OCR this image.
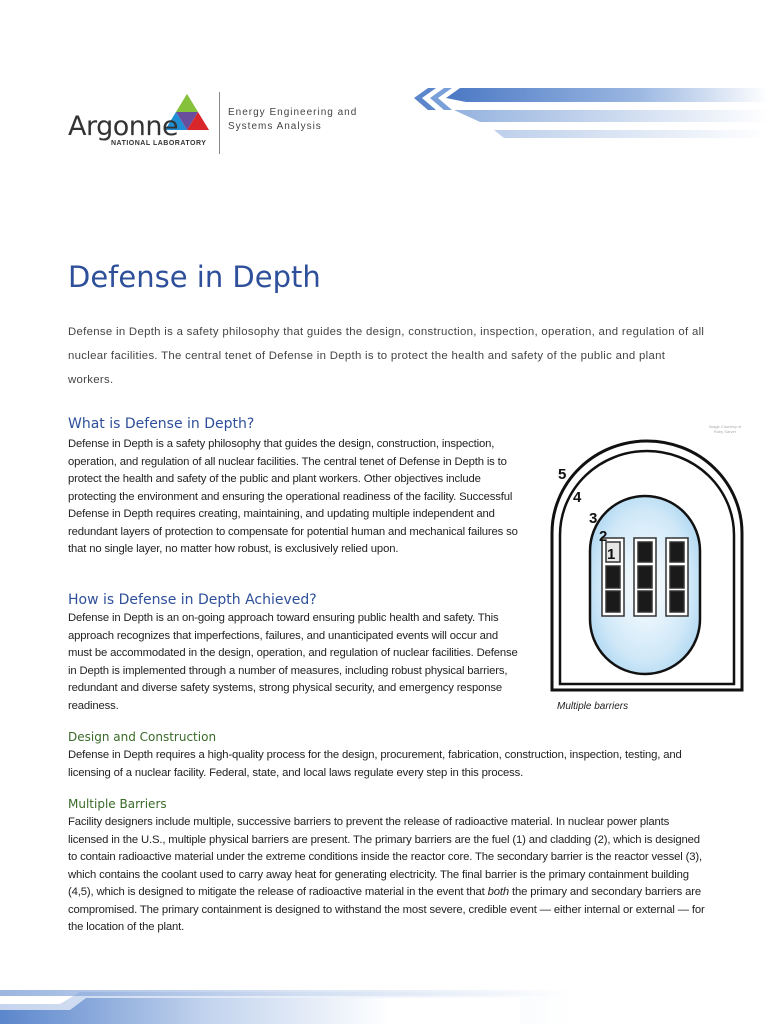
Argonne
NATIONAL LABORATORY
Energy Engineering and
Systems Analysis
Defense in Depth

Defense in Depth is a safety philosophy that guides the design, construction, inspection, operation, and regulation of all nuclear facilities. The central tenet of Defense in Depth is to protect the health and safety of the public and plant workers.

What is Defense in Depth?

Defense in Depth is a safety philosophy that guides the design, construction, inspection, operation, and regulation of all nuclear facilities. The central tenet of Defense in Depth is to protect the health and safety of the public and plant workers. Other objectives include protecting the environment and ensuring the operational readiness of the facility. Successful Defense in Depth requires creating, maintaining, and updating multiple independent and redundant layers of protection to compensate for potential human and mechanical failures so that no single layer, no matter how robust, is exclusively relied upon.

How is Defense in Depth Achieved?

Defense in Depth is an on-going approach toward ensuring public health and safety. This approach recognizes that imperfections, failures, and unanticipated events will occur and must be accommodated in the design, operation, and regulation of nuclear facilities. Defense in Depth is implemented through a number of measures, including robust physical barriers, redundant and diverse safety systems, strong physical security, and emergency response readiness.

Design and Construction

Defense in Depth requires a high-quality process for the design, procurement, fabrication, construction, inspection, testing, and licensing of a nuclear facility. Federal, state, and local laws regulate every step in this process.

Multiple Barriers

Facility designers include multiple, successive barriers to prevent the release of radioactive material. In nuclear power plants licensed in the U.S., multiple physical barriers are present. The primary barriers are the fuel (1) and cladding (2), which is designed to contain radioactive material under the extreme conditions inside the reactor core. The secondary barrier is the reactor vessel (3), which contains the coolant used to carry away heat for generating electricity. The final barrier is the primary containment building (4,5), which is designed to mitigate the release of radioactive material in the event that both the primary and secondary barriers are compromised. The primary containment is designed to withstand the most severe, credible event — either internal or external — for the location of the plant.

Image Courtesy of
Ruby Sarver
1
2
3
4
5
Multiple barriers
